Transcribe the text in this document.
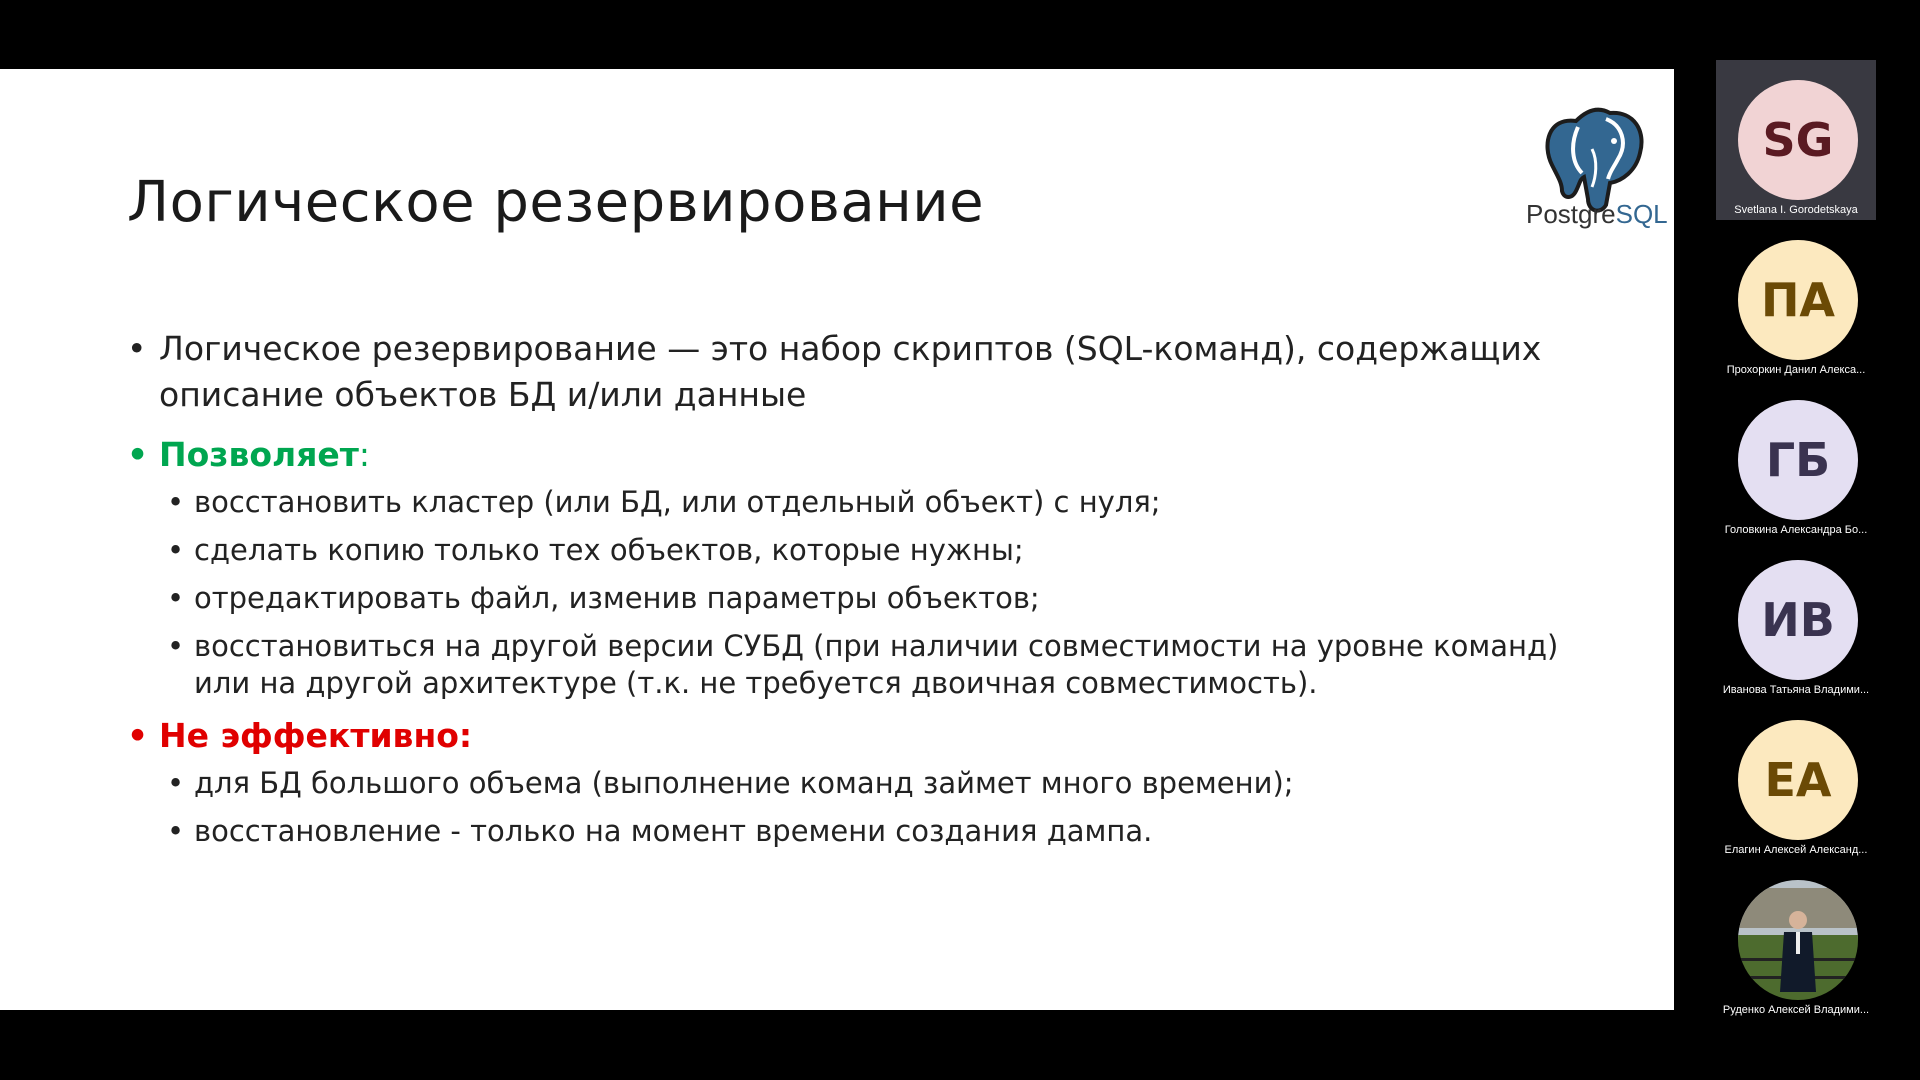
Логическое резервирование	PostgreSQL
• Логическое резервирование — это набор скриптов (SQL-команд), содержащих описание объектов БД и/или данные
• Позволяет:
• восстановить кластер (или БД, или отдельный объект) с нуля;
• сделать копию только тех объектов, которые нужны;
• отредактировать файл, изменив параметры объектов;
• восстановиться на другой версии СУБД (при наличии совместимости на уровне команд) или на другой архитектуре (т.к. не требуется двоичная совместимость).
• Не эффективно:
• для БД большого объема (выполнение команд займет много времени);
• восстановление - только на момент времени создания дампа.
SG
Svetlana I. Gorodetskaya
ПА
Прохоркин Данил Алекса...
ГБ
Головкина Александра Бо...
ИВ
Иванова Татьяна Владими...
ЕА
Елагин Алексей Александ...
Руденко Алексей Владими...
